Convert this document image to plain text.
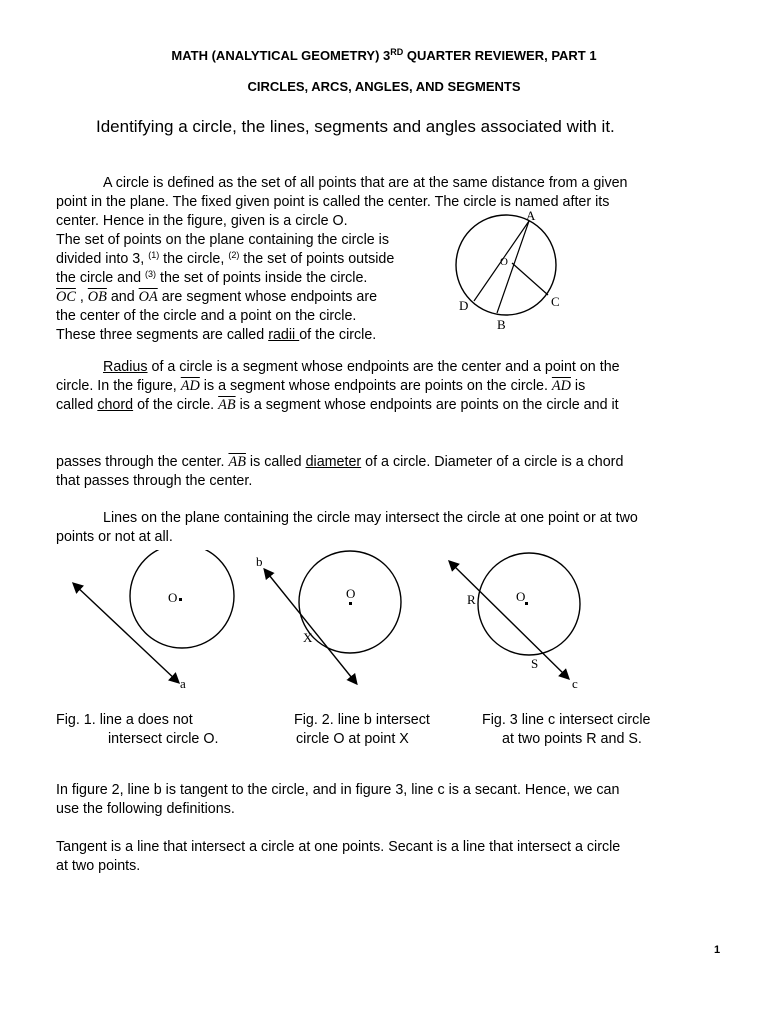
MATH (ANALYTICAL GEOMETRY) 3RD QUARTER REVIEWER, PART 1
CIRCLES, ARCS, ANGLES, AND SEGMENTS
Identifying a circle, the lines, segments and angles associated with it.
A circle is defined as the set of all points that are at the same distance from a given
point in the plane. The fixed given point is called the center. The circle is named after its
center. Hence in the figure, given is a circle O.
The set of points on the plane containing the circle is
divided into 3, $^{(1)}$ the circle, $^{(2)}$ the set of points outside
the circle and $^{(3)}$ the set of points inside the circle.
$\overline{OC}$ , $\overline{OB}$ and $\overline{OA}$ are segment whose endpoints are
the center of the circle and a point on the circle.
These three segments are called radii of the circle.
A
O
D	C
B
Radius of a circle is a segment whose endpoints are the center and a point on the
circle. In the figure, $\overline{AD}$ is a segment whose endpoints are points on the circle. $\overline{AD}$ is
called chord of the circle. $\overline{AB}$ is a segment whose endpoints are points on the circle and it
passes through the center. $\overline{AB}$ is called diameter of a circle. Diameter of a circle is a chord
that passes through the center.
Lines on the plane containing the circle may intersect the circle at one point or at two
points or not at all.
O
a
b
O
X
R	O
S
c
Fig. 1. line a does not
intersect circle O.
Fig. 2. line b intersect
circle O at point X
Fig. 3 line c intersect circle
at two points R and S.
In figure 2, line b is tangent to the circle, and in figure 3, line c is a secant. Hence, we can
use the following definitions.
Tangent is a line that intersect a circle at one points. Secant is a line that intersect a circle
at two points.
1
